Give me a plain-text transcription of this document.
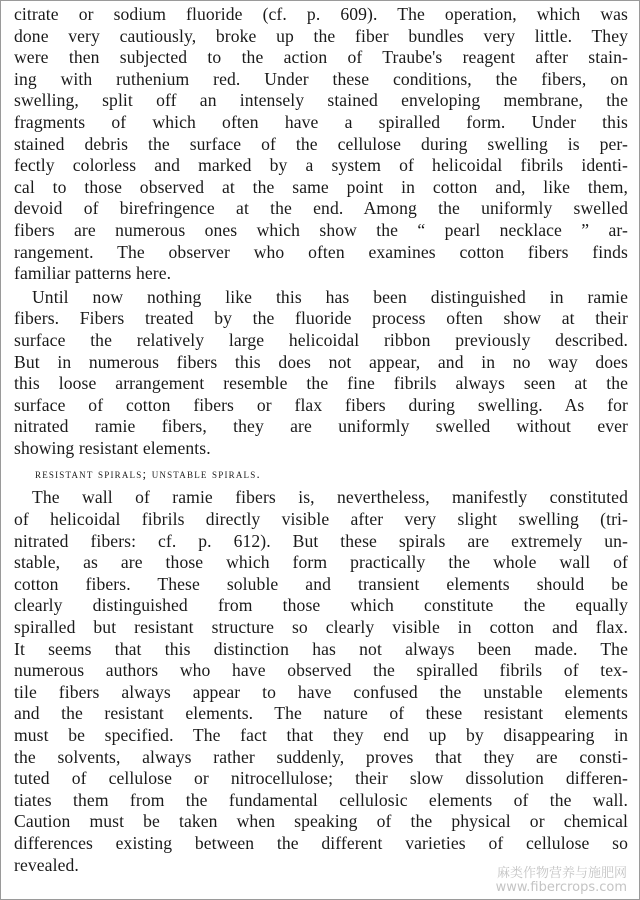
citrate or sodium fluoride (cf. p. 609). The operation, which was
done very cautiously, broke up the fiber bundles very little. They
were then subjected to the action of Traube's reagent after stain-
ing with ruthenium red. Under these conditions, the fibers, on
swelling, split off an intensely stained enveloping membrane, the
fragments of which often have a spiralled form. Under this
stained debris the surface of the cellulose during swelling is per-
fectly colorless and marked by a system of helicoidal fibrils identi-
cal to those observed at the same point in cotton and, like them,
devoid of birefringence at the end. Among the uniformly swelled
fibers are numerous ones which show the “ pearl necklace ” ar-
rangement. The observer who often examines cotton fibers finds
familiar patterns here.
Until now nothing like this has been distinguished in ramie
fibers. Fibers treated by the fluoride process often show at their
surface the relatively large helicoidal ribbon previously described.
But in numerous fibers this does not appear, and in no way does
this loose arrangement resemble the fine fibrils always seen at the
surface of cotton fibers or flax fibers during swelling. As for
nitrated ramie fibers, they are uniformly swelled without ever
showing resistant elements.
resistant spirals; unstable spirals.
The wall of ramie fibers is, nevertheless, manifestly constituted
of helicoidal fibrils directly visible after very slight swelling (tri-
nitrated fibers: cf. p. 612). But these spirals are extremely un-
stable, as are those which form practically the whole wall of
cotton fibers. These soluble and transient elements should be
clearly distinguished from those which constitute the equally
spiralled but resistant structure so clearly visible in cotton and flax.
It seems that this distinction has not always been made. The
numerous authors who have observed the spiralled fibrils of tex-
tile fibers always appear to have confused the unstable elements
and the resistant elements. The nature of these resistant elements
must be specified. The fact that they end up by disappearing in
the solvents, always rather suddenly, proves that they are consti-
tuted of cellulose or nitrocellulose; their slow dissolution differen-
tiates them from the fundamental cellulosic elements of the wall.
Caution must be taken when speaking of the physical or chemical
differences existing between the different varieties of cellulose so
revealed.	麻类作物营养与施肥网
www.fibercrops.com
